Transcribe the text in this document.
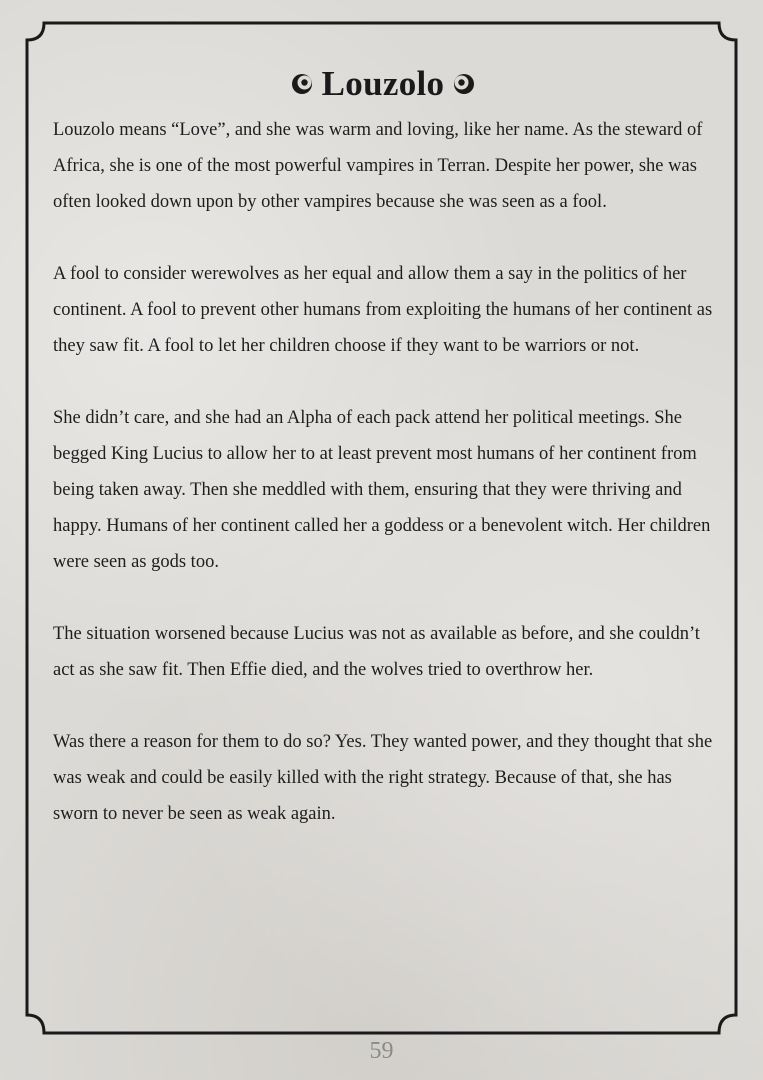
Louzolo

Louzolo means “Love”, and she was warm and loving, like her name. As the steward of Africa, she is one of the most powerful vampires in Terran. Despite her power, she was often looked down upon by other vampires because she was seen as a fool.

A fool to consider werewolves as her equal and allow them a say in the politics of her continent. A fool to prevent other humans from exploiting the humans of her continent as they saw fit. A fool to let her children choose if they want to be warriors or not.

She didn’t care, and she had an Alpha of each pack attend her political meetings. She begged King Lucius to allow her to at least prevent most humans of her continent from being taken away. Then she meddled with them, ensuring that they were thriving and happy. Humans of her continent called her a goddess or a benevolent witch. Her children were seen as gods too.

The situation worsened because Lucius was not as available as before, and she couldn’t act as she saw fit. Then Effie died, and the wolves tried to overthrow her.

Was there a reason for them to do so? Yes. They wanted power, and they thought that she was weak and could be easily killed with the right strategy. Because of that, she has sworn to never be seen as weak again.

59
